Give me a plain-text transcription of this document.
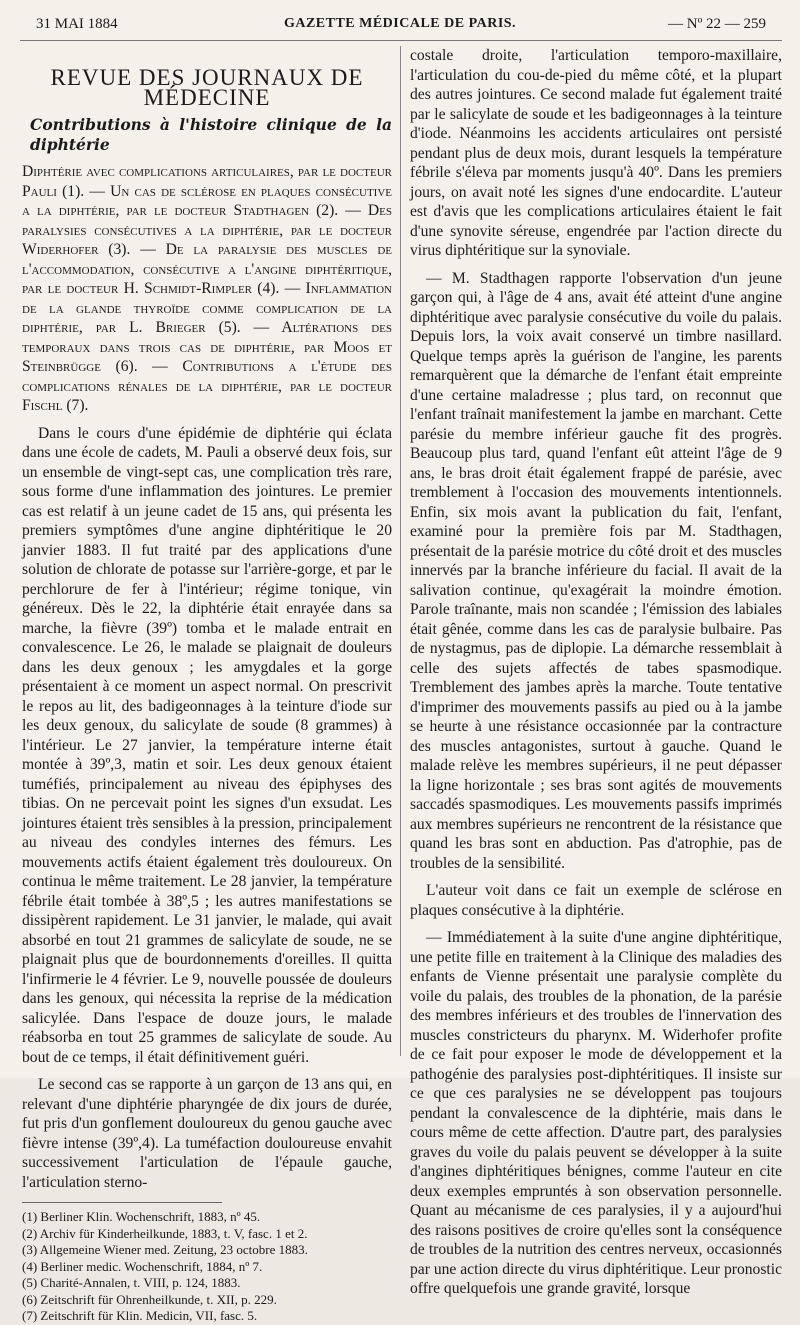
31 MAI 1884	GAZETTE MÉDICALE DE PARIS.	— Nº 22 — 259
REVUE DES JOURNAUX DE MÉDECINE
Contributions à l'histoire clinique de la diphtérie

Diphtérie avec complications articulaires, par le docteur Pauli (1). — Un cas de sclérose en plaques consécutive a la diphtérie, par le docteur Stadthagen (2). — Des paralysies consécutives a la diphtérie, par le docteur Widerhofer (3). — De la paralysie des muscles de l'accommodation, consécutive a l'angine diphtéritique, par le docteur H. Schmidt-Rimpler (4). — Inflammation de la glande thyroïde comme complication de la diphtérie, par L. Brieger (5). — Altérations des temporaux dans trois cas de diphtérie, par Moos et Steinbrügge (6). — Contributions a l'étude des complications rénales de la diphtérie, par le docteur Fischl (7).

Dans le cours d'une épidémie de diphtérie qui éclata dans une école de cadets, M. Pauli a observé deux fois, sur un ensemble de vingt-sept cas, une complication très rare, sous forme d'une inflammation des jointures. Le premier cas est relatif à un jeune cadet de 15 ans, qui présenta les premiers symptômes d'une angine diphtéritique le 20 janvier 1883. Il fut traité par des applications d'une solution de chlorate de potasse sur l'arrière-gorge, et par le perchlorure de fer à l'intérieur; régime tonique, vin généreux. Dès le 22, la diphtérie était enrayée dans sa marche, la fièvre (39º) tomba et le malade entrait en convalescence. Le 26, le malade se plaignait de douleurs dans les deux genoux ; les amygdales et la gorge présentaient à ce moment un aspect normal. On prescrivit le repos au lit, des badigeonnages à la teinture d'iode sur les deux genoux, du salicylate de soude (8 grammes) à l'intérieur. Le 27 janvier, la température interne était montée à 39º,3, matin et soir. Les deux genoux étaient tuméfiés, principalement au niveau des épiphyses des tibias. On ne percevait point les signes d'un exsudat. Les jointures étaient très sensibles à la pression, principalement au niveau des condyles internes des fémurs. Les mouvements actifs étaient également très douloureux. On continua le même traitement. Le 28 janvier, la température fébrile était tombée à 38º,5 ; les autres manifestations se dissipèrent rapidement. Le 31 janvier, le malade, qui avait absorbé en tout 21 grammes de salicylate de soude, ne se plaignait plus que de bourdonnements d'oreilles. Il quitta l'infirmerie le 4 février. Le 9, nouvelle poussée de douleurs dans les genoux, qui nécessita la reprise de la médication salicylée. Dans l'espace de douze jours, le malade réabsorba en tout 25 grammes de salicylate de soude. Au bout de ce temps, il était définitivement guéri.

Le second cas se rapporte à un garçon de 13 ans qui, en relevant d'une diphtérie pharyngée de dix jours de durée, fut pris d'un gonflement douloureux du genou gauche avec fièvre intense (39º,4). La tuméfaction douloureuse envahit successivement l'articulation de l'épaule gauche, l'articulation sterno-

(1) Berliner Klin. Wochenschrift, 1883, nº 45.
(2) Archiv für Kinderheilkunde, 1883, t. V, fasc. 1 et 2.
(3) Allgemeine Wiener med. Zeitung, 23 octobre 1883.
(4) Berliner medic. Wochenschrift, 1884, nº 7.
(5) Charité-Annalen, t. VIII, p. 124, 1883.
(6) Zeitschrift für Ohrenheilkunde, t. XII, p. 229.
(7) Zeitschrift für Klin. Medicin, VII, fasc. 5.

costale droite, l'articulation temporo-maxillaire, l'articulation du cou-de-pied du même côté, et la plupart des autres jointures. Ce second malade fut également traité par le salicylate de soude et les badigeonnages à la teinture d'iode. Néanmoins les accidents articulaires ont persisté pendant plus de deux mois, durant lesquels la température fébrile s'éleva par moments jusqu'à 40º. Dans les premiers jours, on avait noté les signes d'une endocardite. L'auteur est d'avis que les complications articulaires étaient le fait d'une synovite séreuse, engendrée par l'action directe du virus diphtéritique sur la synoviale.

— M. Stadthagen rapporte l'observation d'un jeune garçon qui, à l'âge de 4 ans, avait été atteint d'une angine diphtéritique avec paralysie consécutive du voile du palais. Depuis lors, la voix avait conservé un timbre nasillard. Quelque temps après la guérison de l'angine, les parents remarquèrent que la démarche de l'enfant était empreinte d'une certaine maladresse ; plus tard, on reconnut que l'enfant traînait manifestement la jambe en marchant. Cette parésie du membre inférieur gauche fit des progrès. Beaucoup plus tard, quand l'enfant eût atteint l'âge de 9 ans, le bras droit était également frappé de parésie, avec tremblement à l'occasion des mouvements intentionnels. Enfin, six mois avant la publication du fait, l'enfant, examiné pour la première fois par M. Stadthagen, présentait de la parésie motrice du côté droit et des muscles innervés par la branche inférieure du facial. Il avait de la salivation continue, qu'exagérait la moindre émotion. Parole traînante, mais non scandée ; l'émission des labiales était gênée, comme dans les cas de paralysie bulbaire. Pas de nystagmus, pas de diplopie. La démarche ressemblait à celle des sujets affectés de tabes spasmodique. Tremblement des jambes après la marche. Toute tentative d'imprimer des mouvements passifs au pied ou à la jambe se heurte à une résistance occasionnée par la contracture des muscles antagonistes, surtout à gauche. Quand le malade relève les membres supérieurs, il ne peut dépasser la ligne horizontale ; ses bras sont agités de mouvements saccadés spasmodiques. Les mouvements passifs imprimés aux membres supérieurs ne rencontrent de la résistance que quand les bras sont en abduction. Pas d'atrophie, pas de troubles de la sensibilité.

L'auteur voit dans ce fait un exemple de sclérose en plaques consécutive à la diphtérie.

— Immédiatement à la suite d'une angine diphtéritique, une petite fille en traitement à la Clinique des maladies des enfants de Vienne présentait une paralysie complète du voile du palais, des troubles de la phonation, de la parésie des membres inférieurs et des troubles de l'innervation des muscles constricteurs du pharynx. M. Widerhofer profite de ce fait pour exposer le mode de développement et la pathogénie des paralysies post-diphtéritiques. Il insiste sur ce que ces paralysies ne se développent pas toujours pendant la convalescence de la diphtérie, mais dans le cours même de cette affection. D'autre part, des paralysies graves du voile du palais peuvent se développer à la suite d'angines diphtéritiques bénignes, comme l'auteur en cite deux exemples empruntés à son observation personnelle. Quant au mécanisme de ces paralysies, il y a aujourd'hui des raisons positives de croire qu'elles sont la conséquence de troubles de la nutrition des centres nerveux, occasionnés par une action directe du virus diphtéritique. Leur pronostic offre quelquefois une grande gravité, lorsque
